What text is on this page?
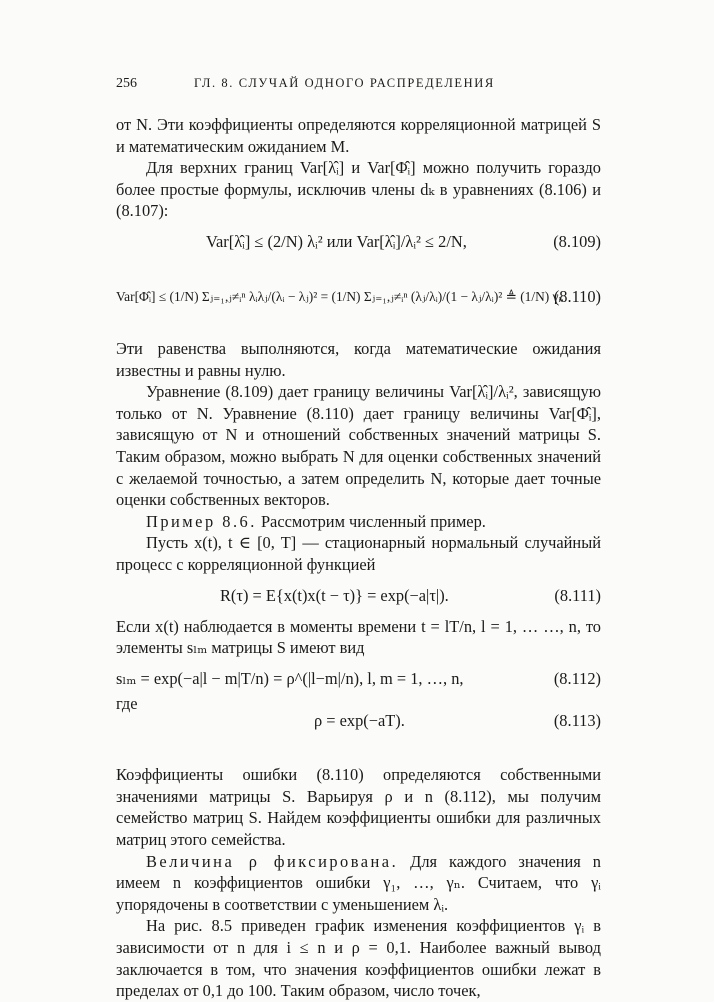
256	ГЛ. 8. СЛУЧАЙ ОДНОГО РАСПРЕДЕЛЕНИЯ

от N. Эти коэффициенты определяются корреляционной матрицей S и математическим ожиданием M.

Для верхних границ Var[λ̂ᵢ] и Var[Φ̂ᵢ] можно получить гораздо более простые формулы, исключив члены dₖ в уравнениях (8.106) и (8.107):

Var[λ̂ᵢ] ≤ (2/N) λᵢ² или Var[λ̂ᵢ]/λᵢ² ≤ 2/N,	(8.109)
Var[Φ̂ᵢ] ≤ (1/N) Σⱼ₌₁,ⱼ≠ᵢⁿ λᵢλⱼ/(λᵢ − λⱼ)² = (1/N) Σⱼ₌₁,ⱼ≠ᵢⁿ (λⱼ/λᵢ)/(1 − λⱼ/λᵢ)² ≜ (1/N) γᵢ.
(8.110)

Эти равенства выполняются, когда математические ожидания известны и равны нулю.

Уравнение (8.109) дает границу величины Var[λ̂ᵢ]/λᵢ², зависящую только от N. Уравнение (8.110) дает границу величины Var[Φ̂ᵢ], зависящую от N и отношений собственных значений матрицы S. Таким образом, можно выбрать N для оценки собственных значений с желаемой точностью, а затем определить N, которые дает точные оценки собственных векторов.

Пример 8.6. Рассмотрим численный пример.

Пусть x(t), t ∈ [0, T] — стационарный нормальный случайный процесс с корреляционной функцией

R(τ) = E{x(t)x(t − τ)} = exp(−a|τ|).	(8.111)

Если x(t) наблюдается в моменты времени t = lT/n, l = 1, … …, n, то элементы sₗₘ матрицы S имеют вид

sₗₘ = exp(−a|l − m|T/n) = ρ^(|l−m|/n), l, m = 1, …, n,	(8.112)

где

ρ = exp(−aT).	(8.113)

Коэффициенты ошибки (8.110) определяются собственными значениями матрицы S. Варьируя ρ и n (8.112), мы получим семейство матриц S. Найдем коэффициенты ошибки для различных матриц этого семейства.

Величина ρ фиксирована. Для каждого значения n имеем n коэффициентов ошибки γ₁, …, γₙ. Считаем, что γᵢ упорядочены в соответствии с уменьшением λᵢ.

На рис. 8.5 приведен график изменения коэффициентов γᵢ в зависимости от n для i ≤ n и ρ = 0,1. Наиболее важный вывод заключается в том, что значения коэффициентов ошибки лежат в пределах от 0,1 до 100. Таким образом, число точек,
